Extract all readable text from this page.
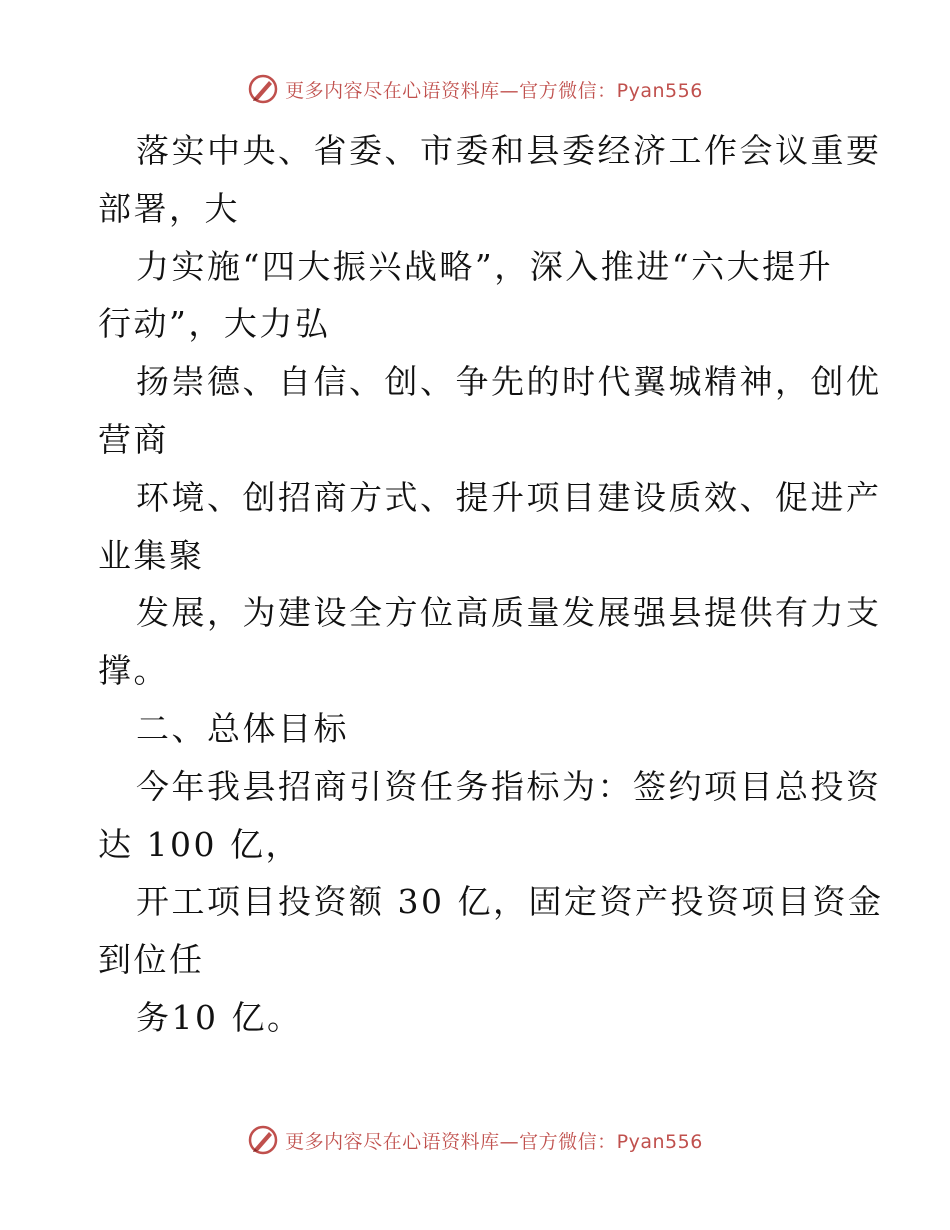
更多内容尽在心语资料库—官方微信：Pyan556
落实中央、省委、市委和县委经济工作会议重要
部署，大
力实施“四大振兴战略”，深入推进“六大提升
行动”，大力弘
扬崇德、自信、创、争先的时代翼城精神，创优
营商
环境、创招商方式、提升项目建设质效、促进产
业集聚
发展，为建设全方位高质量发展强县提供有力支
撑。
二、总体目标
今年我县招商引资任务指标为：签约项目总投资
达 100 亿，
开工项目投资额 30 亿，固定资产投资项目资金
到位任
务10 亿。
更多内容尽在心语资料库—官方微信：Pyan556
